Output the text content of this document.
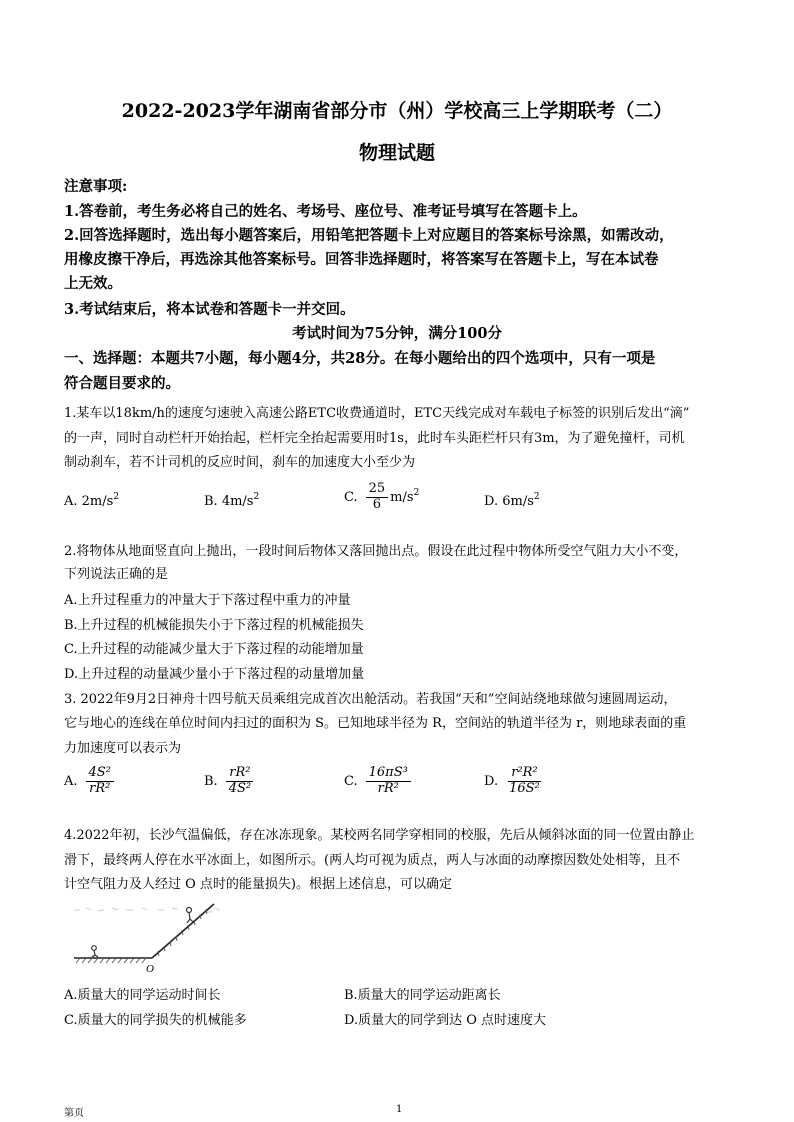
2022-2023学年湖南省部分市（州）学校高三上学期联考（二）
物理试题
注意事项:
1.答卷前，考生务必将自己的姓名、考场号、座位号、准考证号填写在答题卡上。
2.回答选择题时，选出每小题答案后，用铅笔把答题卡上对应题目的答案标号涂黑，如需改动，
用橡皮擦干净后，再选涂其他答案标号。回答非选择题时，将答案写在答题卡上，写在本试卷
上无效。
3.考试结束后，将本试卷和答题卡一并交回。
考试时间为75分钟，满分100分
一、选择题：本题共7小题，每小题4分，共28分。在每小题给出的四个选项中，只有一项是
符合题目要求的。
1.某车以18km/h的速度匀速驶入高速公路ETC收费通道时，ETC天线完成对车载电子标签的识别后发出“滴”
的一声，同时自动栏杆开始抬起，栏杆完全抬起需要用时1s，此时车头距栏杆只有3m，为了避免撞杆，司机
制动刹车，若不计司机的反应时间，刹车的加速度大小至少为
A. $2m/s^2$	B. $4m/s^2$	C. $\frac{25}{6} m/s^2$
D. $6m/s^2$
2.将物体从地面竖直向上抛出，一段时间后物体又落回抛出点。假设在此过程中物体所受空气阻力大小不变，
下列说法正确的是
A.上升过程重力的冲量大于下落过程中重力的冲量
B.上升过程的机械能损失小于下落过程的机械能损失
C.上升过程的动能减少量大于下落过程的动能增加量
D.上升过程的动量减少量小于下落过程的动量增加量
3. 2022年9月2日神舟十四号航天员乘组完成首次出舱活动。若我国“天和”空间站绕地球做匀速圆周运动，
它与地心的连线在单位时间内扫过的面积为 S。已知地球半径为 R，空间站的轨道半径为 r，则地球表面的重
力加速度可以表示为
A. $\frac{\text{4S²}}{\text{rR²}}$	B. $\frac{\text{rR²}}{\text{4S²}}$	C. $\frac{\text{16πS³}}{\text{rR²}}$	D. $\frac{\text{r²R²}}{\text{16S²}}$
4.2022年初，长沙气温偏低，存在冰冻现象。某校两名同学穿相同的校服，先后从倾斜冰面的同一位置由静止
滑下，最终两人停在水平冰面上，如图所示。(两人均可视为质点，两人与冰面的动摩擦因数处处相等，且不
计空气阻力及人经过 O 点时的能量损失)。根据上述信息，可以确定
O
A.质量大的同学运动时间长	B.质量大的同学运动距离长
C.质量大的同学损失的机械能多	D.质量大的同学到达 O 点时速度大
第页	1
